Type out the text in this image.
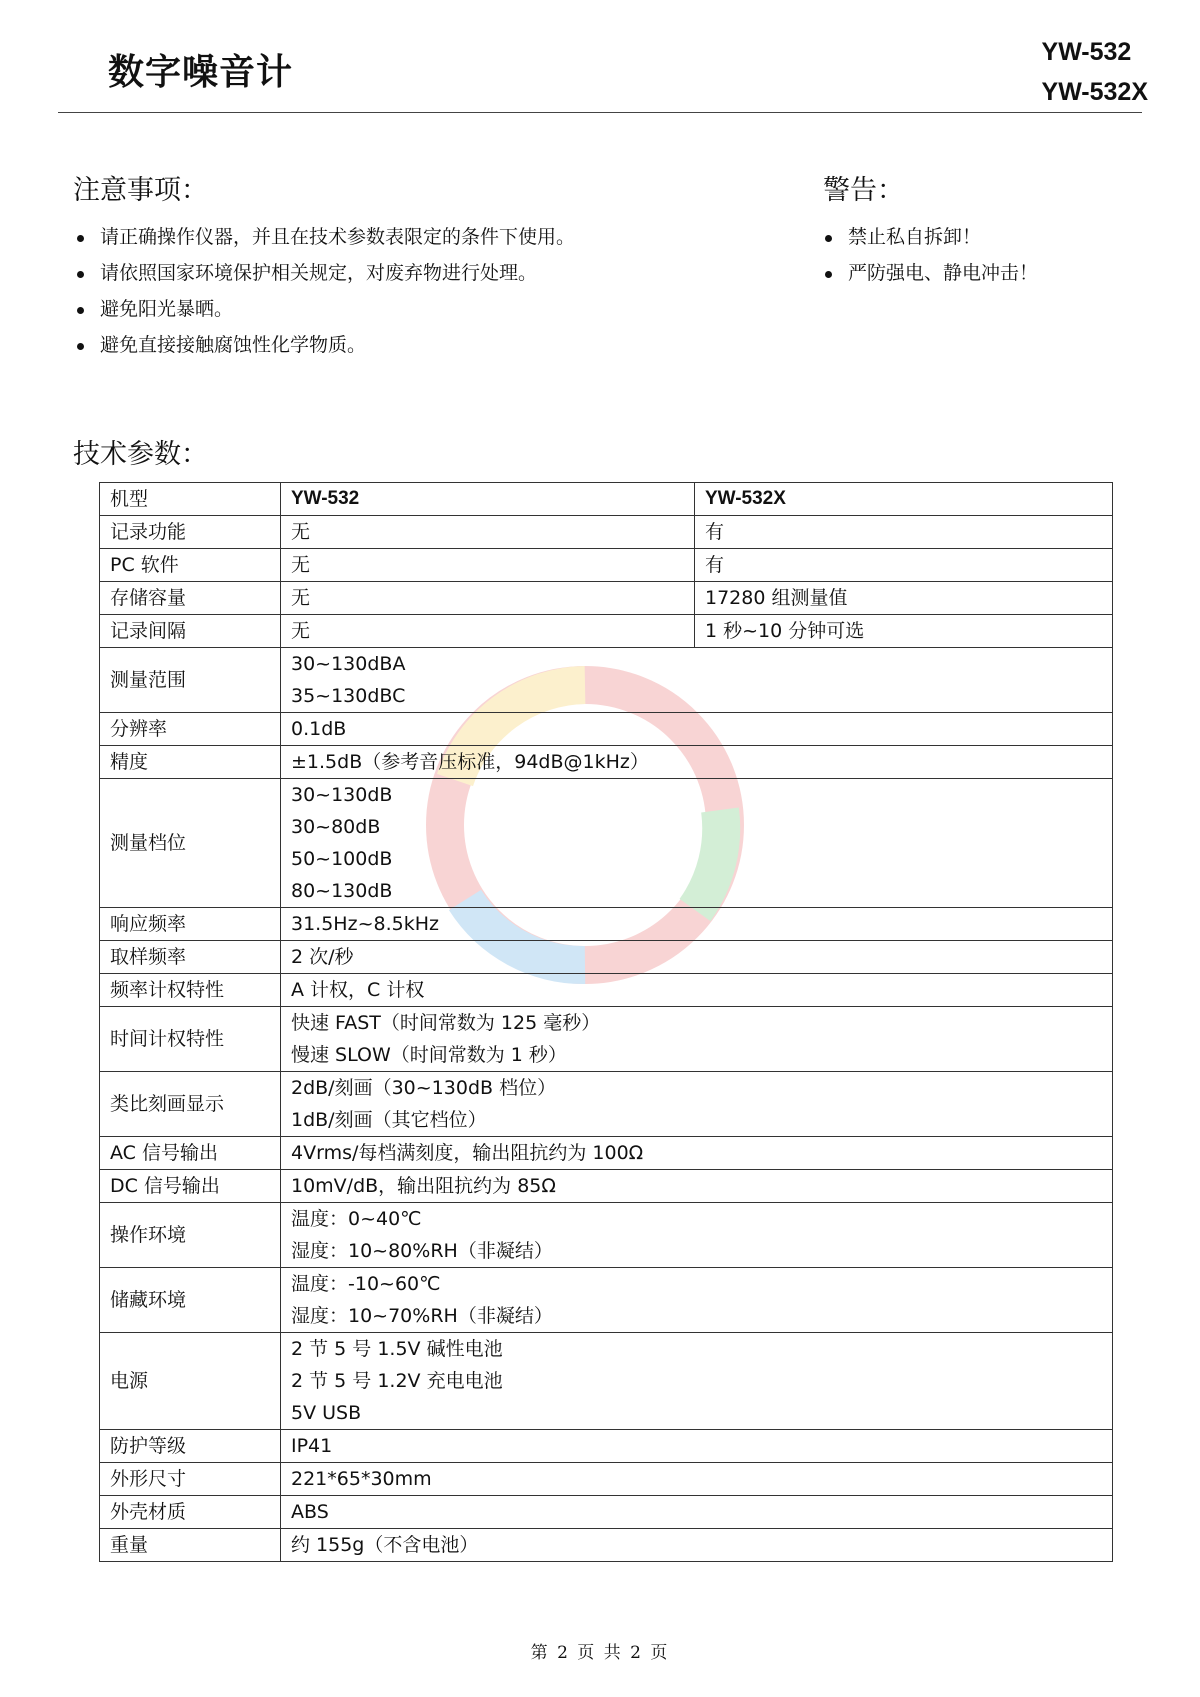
数字噪音计	YW-532
YW-532X
注意事项：
请正确操作仪器，并且在技术参数表限定的条件下使用。
请依照国家环境保护相关规定，对废弃物进行处理。
避免阳光暴晒。
避免直接接触腐蚀性化学物质。
警告：
禁止私自拆卸！
严防强电、静电冲击！
技术参数：
机型	YW-532	YW-532X

记录功能	无	有

PC 软件	无	有

存储容量	无	17280 组测量值

记录间隔	无	1 秒~10 分钟可选

测量范围	30~130dBA
35~130dBC	

分辨率	0.1dB	

精度	±1.5dB（参考音压标准，94dB@1kHz）	

测量档位	30~130dB
30~80dB
50~100dB
80~130dB	

响应频率	31.5Hz~8.5kHz	

取样频率	2 次/秒	

频率计权特性	A 计权，C 计权	

时间计权特性	快速 FAST（时间常数为 125 毫秒）
慢速 SLOW（时间常数为 1 秒）	

类比刻画显示	2dB/刻画（30~130dB 档位）
1dB/刻画（其它档位）	

AC 信号输出	4Vrms/每档满刻度，输出阻抗约为 100Ω	

DC 信号输出	10mV/dB，输出阻抗约为 85Ω	

操作环境	温度：0~40℃
湿度：10~80%RH（非凝结）	

储藏环境	温度：-10~60℃
湿度：10~70%RH（非凝结）	

电源	2 节 5 号 1.5V 碱性电池
2 节 5 号 1.2V 充电电池
5V USB	

防护等级	IP41	

外形尺寸	221*65*30mm	

外壳材质	ABS	

重量	约 155g（不含电池）	
第 2 页 共 2 页
